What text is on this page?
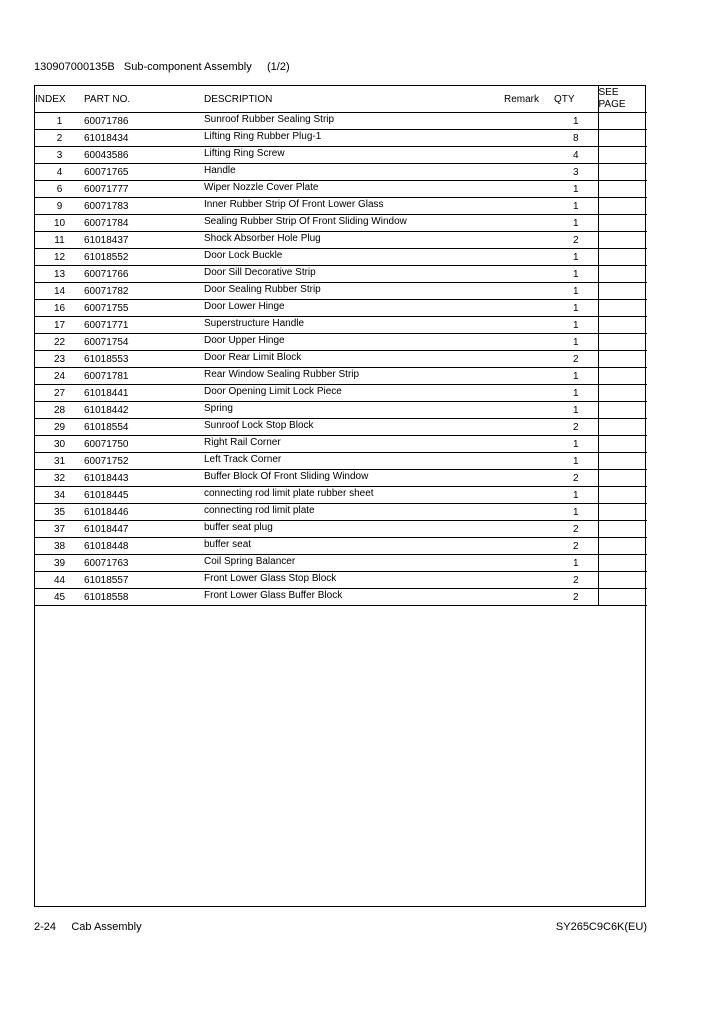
130907000135B Sub-component Assembly (1/2)
INDEX	PART NO.	DESCRIPTION	Remark	QTY	SEE
PAGE
1	60071786	Sunroof Rubber Sealing Strip		1	
2	61018434	Lifting Ring Rubber Plug-1		8	
3	60043586	Lifting Ring Screw		4	
4	60071765	Handle		3	
6	60071777	Wiper Nozzle Cover Plate		1	
9	60071783	Inner Rubber Strip Of Front Lower Glass		1	
10	60071784	Sealing Rubber Strip Of Front Sliding Window		1	
11	61018437	Shock Absorber Hole Plug		2	
12	61018552	Door Lock Buckle		1	
13	60071766	Door Sill Decorative Strip		1	
14	60071782	Door Sealing Rubber Strip		1	
16	60071755	Door Lower Hinge		1	
17	60071771	Superstructure Handle		1	
22	60071754	Door Upper Hinge		1	
23	61018553	Door Rear Limit Block		2	
24	60071781	Rear Window Sealing Rubber Strip		1	
27	61018441	Door Opening Limit Lock Piece		1	
28	61018442	Spring		1	
29	61018554	Sunroof Lock Stop Block		2	
30	60071750	Right Rail Corner		1	
31	60071752	Left Track Corner		1	
32	61018443	Buffer Block Of Front Sliding Window		2	
34	61018445	connecting rod limit plate rubber sheet		1	
35	61018446	connecting rod limit plate		1	
37	61018447	buffer seat plug		2	
38	61018448	buffer seat		2	
39	60071763	Coil Spring Balancer		1	
44	61018557	Front Lower Glass Stop Block		2	
45	61018558	Front Lower Glass Buffer Block		2	
2-24 Cab Assembly	SY265C9C6K(EU)
